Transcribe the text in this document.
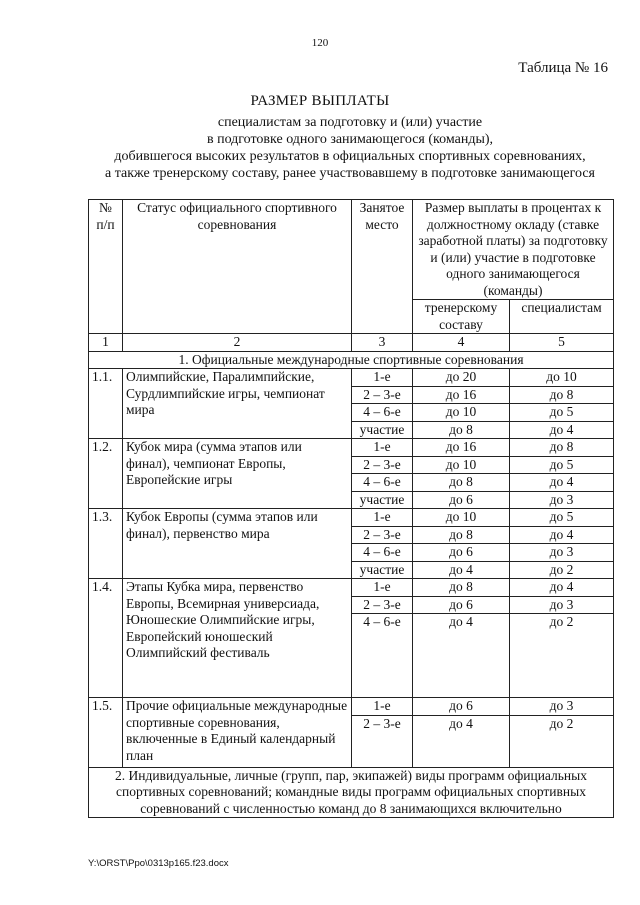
120
Таблица № 16
РАЗМЕР ВЫПЛАТЫ
специалистам за подготовку и (или) участие
в подготовке одного занимающегося (команды),
добившегося высоких результатов в официальных спортивных соревнованиях,
а также тренерскому составу, ранее участвовавшему в подготовке занимающегося
№ п/п	Статус официального спортивного соревнования	Занятое место	Размер выплаты в процентах к должностному окладу (ставке заработной платы) за подготовку и (или) участие в подготовке одного занимающегося (команды)	
			тренерскому составу	специалистам
1	2	3	4	5
1. Официальные международные спортивные соревнования				
1.1.	Олимпийские, Паралимпийские, Сурдлимпийские игры, чемпионат мира	1-е	до 20	до 10
		2 – 3-е	до 16	до 8
		4 – 6-е	до 10	до 5
		участие	до 8	до 4
1.2.	Кубок мира (сумма этапов или финал), чемпионат Европы, Европейские игры	1-е	до 16	до 8
		2 – 3-е	до 10	до 5
		4 – 6-е	до 8	до 4
		участие	до 6	до 3
1.3.	Кубок Европы (сумма этапов или финал), первенство мира	1-е	до 10	до 5
		2 – 3-е	до 8	до 4
		4 – 6-е	до 6	до 3
		участие	до 4	до 2
1.4.	Этапы Кубка мира, первенство Европы, Всемирная универсиада, Юношеские Олимпийские игры, Европейский юношеский Олимпийский фестиваль	1-е	до 8	до 4
		2 – 3-е	до 6	до 3
		4 – 6-е	до 4	до 2
1.5.	Прочие официальные международные спортивные соревнования, включенные в Единый календарный план	1-е	до 6	до 3
		2 – 3-е	до 4	до 2
2. Индивидуальные, личные (групп, пар, экипажей) виды программ официальных спортивных соревнований; командные виды программ официальных спортивных соревнований с численностью команд до 8 занимающихся включительно				
Y:\ORST\Ppo\0313p165.f23.docx
